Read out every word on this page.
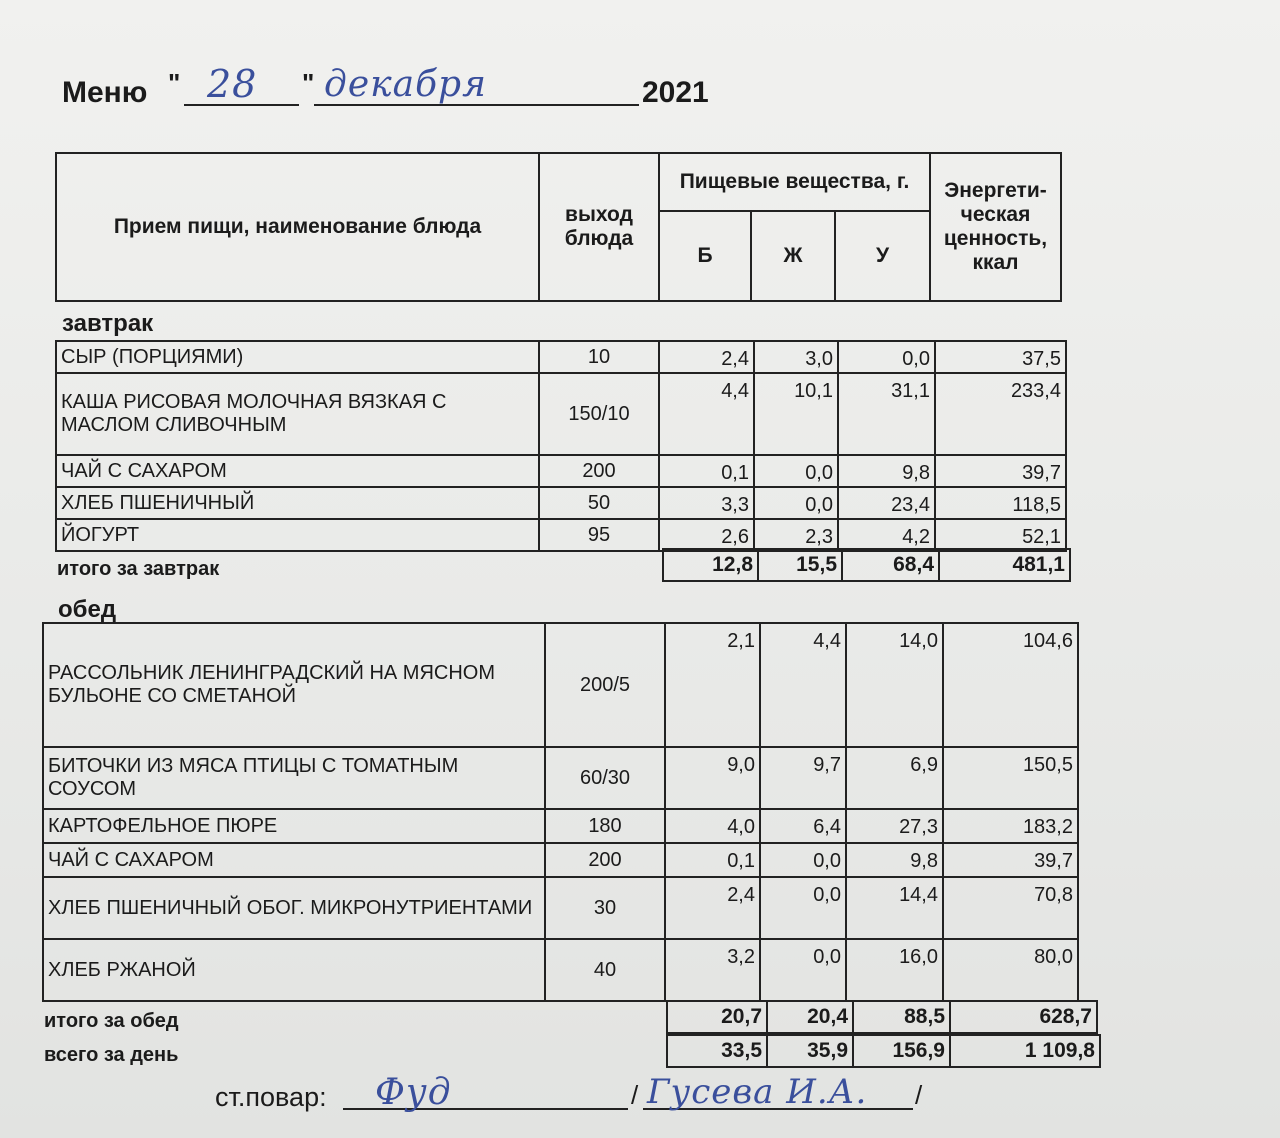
Меню " 28 " декабря	2021
Прием пищи, наименование блюда	выход блюда	Пищевые вещества, г.			Энергети-ческая ценность, ккал
		Б	Ж	У	
завтрак
СЫР (ПОРЦИЯМИ)	10	2,4	3,0	0,0	37,5
КАША РИСОВАЯ МОЛОЧНАЯ ВЯЗКАЯ С МАСЛОМ СЛИВОЧНЫМ	150/10	4,4	10,1	31,1	233,4
ЧАЙ С САХАРОМ	200	0,1	0,0	9,8	39,7
ХЛЕБ ПШЕНИЧНЫЙ	50	3,3	0,0	23,4	118,5
ЙОГУРТ	95	2,6	2,3	4,2	52,1
итого за завтрак	12,8	15,5	68,4	481,1
обед
РАССОЛЬНИК ЛЕНИНГРАДСКИЙ НА МЯСНОМ БУЛЬОНЕ СО СМЕТАНОЙ	200/5	2,1	4,4	14,0	104,6
БИТОЧКИ ИЗ МЯСА ПТИЦЫ С ТОМАТНЫМ СОУСОМ	60/30	9,0	9,7	6,9	150,5
КАРТОФЕЛЬНОЕ ПЮРЕ	180	4,0	6,4	27,3	183,2
ЧАЙ С САХАРОМ	200	0,1	0,0	9,8	39,7
ХЛЕБ ПШЕНИЧНЫЙ ОБОГ. МИКРОНУТРИЕНТАМИ	30	2,4	0,0	14,4	70,8
ХЛЕБ РЖАНОЙ	40	3,2	0,0	16,0	80,0
итого за обед	20,7	20,4	88,5	628,7
всего за день	33,5	35,9	156,9	1 109,8
ст.повар: Фуд	/ Гусева И.А. /
